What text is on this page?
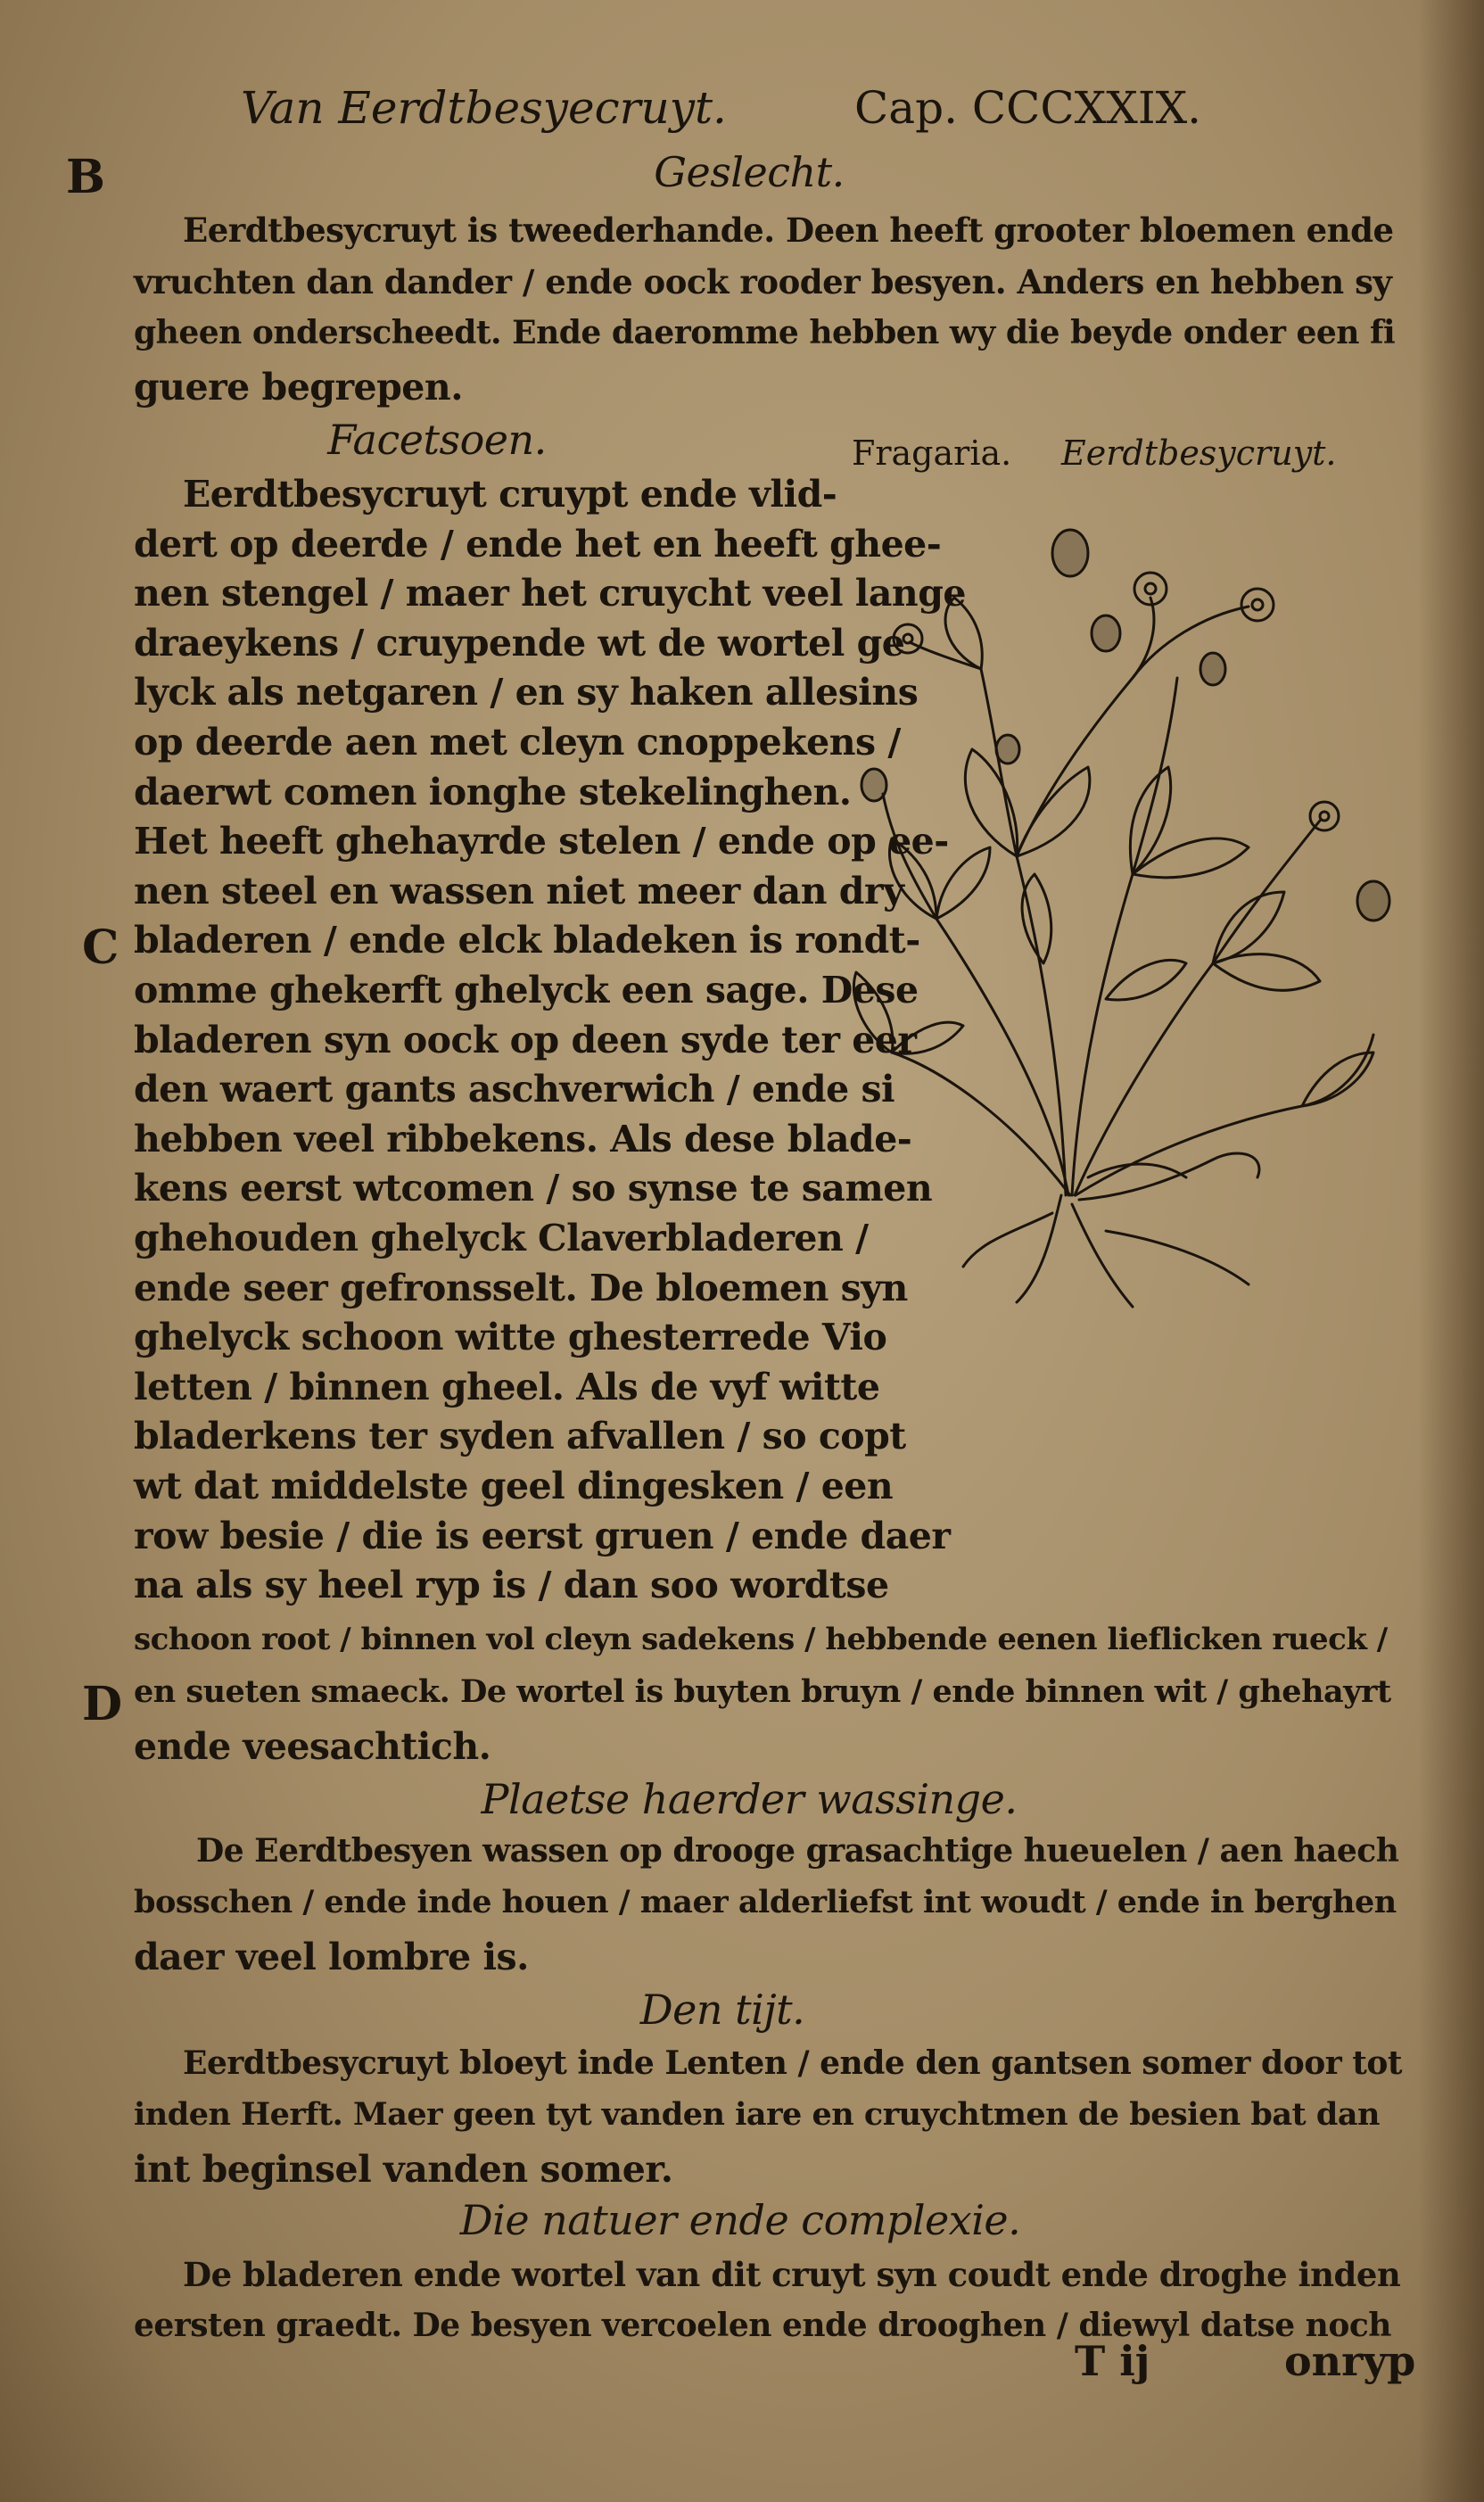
Van Eerdtbesyecruyt.	Cap. CCCXXIX.
B
C
D
Geslecht.
Eerdtbesycruyt is tweederhande. Deen heeft grooter bloemen ende
vruchten dan dander / ende oock rooder besyen. Anders en hebben sy
gheen onderscheedt. Ende daeromme hebben wy die beyde onder een fi
guere begrepen.
Facetsoen.	Fragaria. Eerdtbesycruyt.
Eerdtbesycruyt cruypt ende vlid-
dert op deerde / ende het en heeft ghee-
nen stengel / maer het cruycht veel lange
draeykens / cruypende wt de wortel ge
lyck als netgaren / en sy haken allesins
op deerde aen met cleyn cnoppekens /
daerwt comen ionghe stekelinghen.
Het heeft ghehayrde stelen / ende op ee-
nen steel en wassen niet meer dan dry
bladeren / ende elck bladeken is rondt-
omme ghekerft ghelyck een sage. Dese
bladeren syn oock op deen syde ter eer
den waert gants aschverwich / ende si
hebben veel ribbekens. Als dese blade-
kens eerst wtcomen / so synse te samen
ghehouden ghelyck Claverbladeren /
ende seer gefronsselt. De bloemen syn
ghelyck schoon witte ghesterrede Vio
letten / binnen gheel. Als de vyf witte
bladerkens ter syden afvallen / so copt
wt dat middelste geel dingesken / een
row besie / die is eerst gruen / ende daer
na als sy heel ryp is / dan soo wordtse
schoon root / binnen vol cleyn sadekens / hebbende eenen lieflicken rueck /
en sueten smaeck. De wortel is buyten bruyn / ende binnen wit / ghehayrt
ende veesachtich.
Plaetse haerder wassinge.
De Eerdtbesyen wassen op drooge grasachtige hueuelen / aen haech
bosschen / ende inde houen / maer alderliefst int woudt / ende in berghen
daer veel lombre is.
Den tijt.
Eerdtbesycruyt bloeyt inde Lenten / ende den gantsen somer door tot
inden Herft. Maer geen tyt vanden iare en cruychtmen de besien bat dan
int beginsel vanden somer.
Die natuer ende complexie.
De bladeren ende wortel van dit cruyt syn coudt ende droghe inden
eersten graedt. De besyen vercoelen ende drooghen / diewyl datse noch
T ij	onryp
